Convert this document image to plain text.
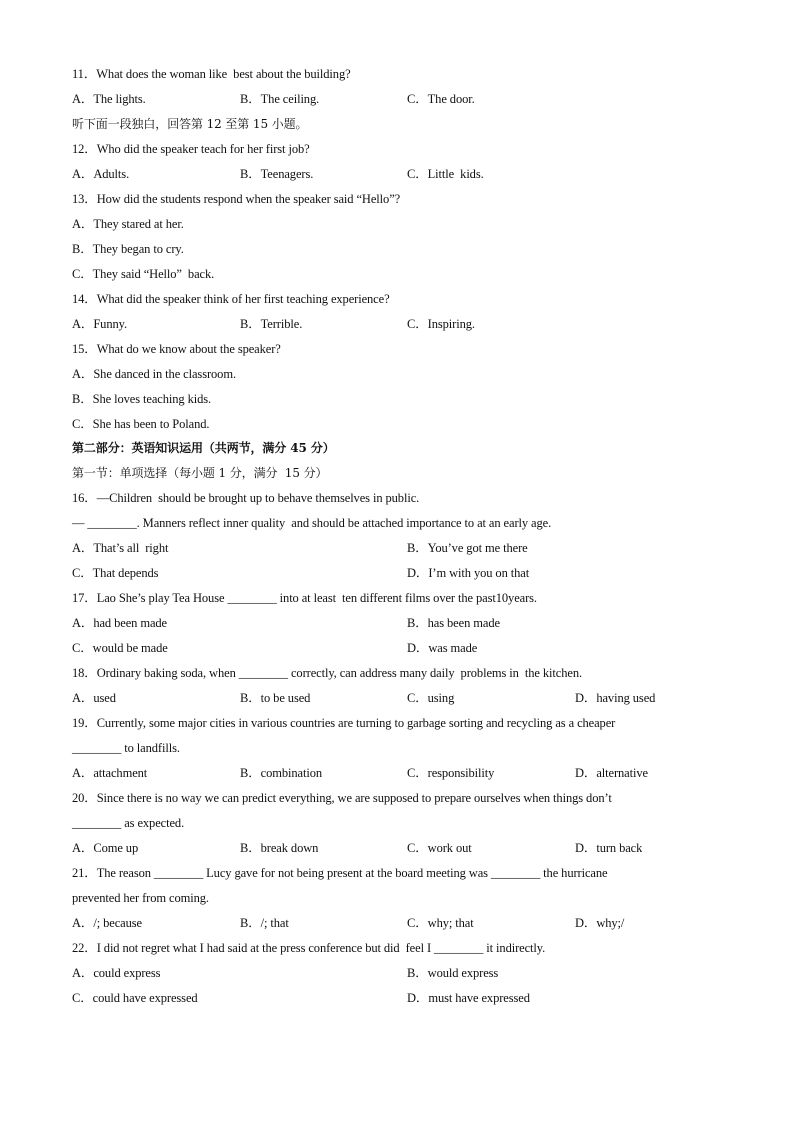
11．What does the woman like  best about the building?
A．The lights.	B．The ceiling.	C．The door.
听下面一段独白，回答第 12 至第 15 小题。
12．Who did the speaker teach for her first job?
A．Adults.	B．Teenagers.	C．Little  kids.
13．How did the students respond when the speaker said “Hello”?
A．They stared at her.
B．They began to cry.
C．They said “Hello”  back.
14．What did the speaker think of her first teaching experience?
A．Funny.	B．Terrible.	C．Inspiring.
15．What do we know about the speaker?
A．She danced in the classroom.
B．She loves teaching kids.
C．She has been to Poland.
第二部分：英语知识运用（共两节，满分 45 分）
第一节：单项选择（每小题 1 分，满分  15 分）
16．—Children  should be brought up to behave themselves in public.
— ________. Manners reflect inner quality  and should be attached importance to at an early age.
A．That’s all  right	B．You’ve got me there
C．That depends	D．I’m with you on that
17．Lao She’s play Tea House ________ into at least  ten different films over the past10years.
A．had been made	B．has been made
C．would be made	D．was made
18．Ordinary baking soda, when ________ correctly, can address many daily  problems in  the kitchen.
A．used	B．to be used	C．using	D．having used
19．Currently, some major cities in various countries are turning to garbage sorting and recycling as a cheaper
________ to landfills.
A．attachment	B．combination	C．responsibility	D．alternative
20．Since there is no way we can predict everything, we are supposed to prepare ourselves when things don’t
________ as expected.
A．Come up	B．break down	C．work out	D．turn back
21．The reason ________ Lucy gave for not being present at the board meeting was ________ the hurricane
prevented her from coming.
A．/; because	B．/; that	C．why; that	D．why;/
22．I did not regret what I had said at the press conference but did  feel I ________ it indirectly.
A．could express	B．would express
C．could have expressed	D．must have expressed
